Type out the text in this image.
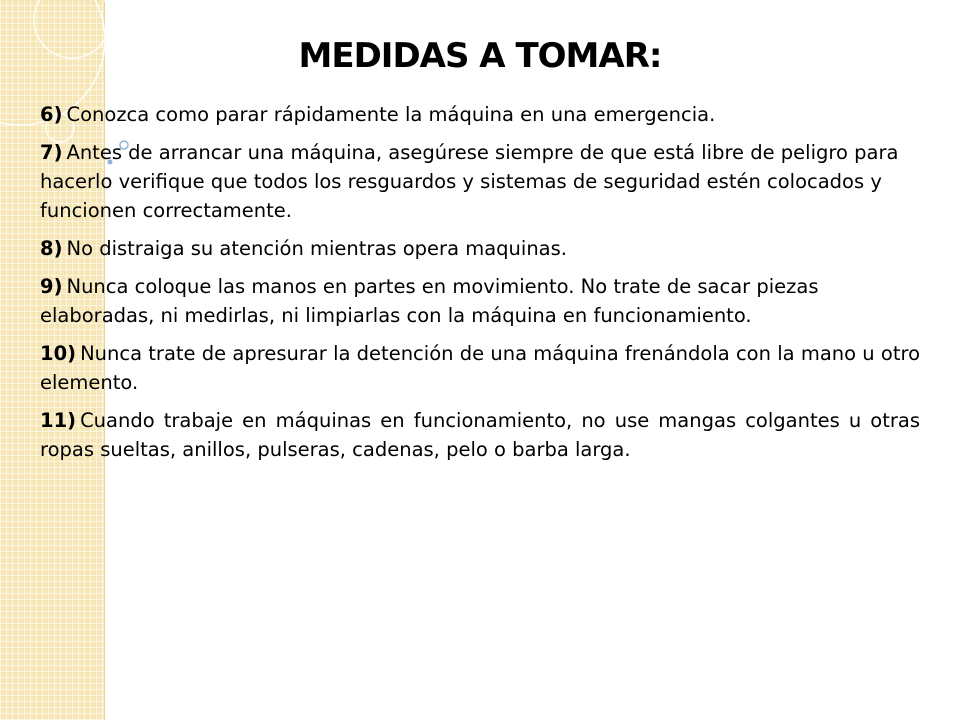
MEDIDAS A TOMAR:

6) Conozca como parar rápidamente la máquina en una emergencia.

7) Antes de arrancar una máquina, asegúrese siempre de que está libre de peligro para hacerlo verifique que todos los resguardos y sistemas de seguridad estén colocados y funcionen correctamente.

8) No distraiga su atención mientras opera maquinas.

9) Nunca coloque las manos en partes en movimiento. No trate de sacar piezas elaboradas, ni medirlas, ni limpiarlas con la máquina en funcionamiento.

10) Nunca trate de apresurar la detención de una máquina frenándola con la mano u otro elemento.

11) Cuando trabaje en máquinas en funcionamiento, no use mangas colgantes u otras ropas sueltas, anillos, pulseras, cadenas, pelo o barba larga.
